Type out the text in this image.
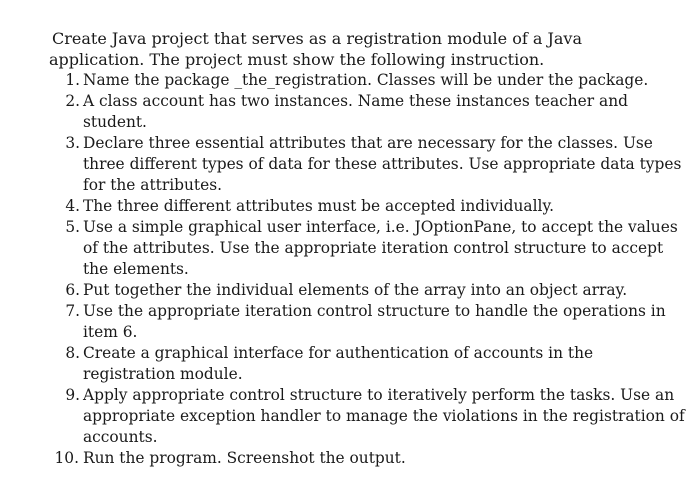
Create Java project that serves as a registration module of a Java
application. The project must show the following instruction.

1. Name the package _the_registration. Classes will be under the package.
2. A class account has two instances. Name these instances teacher and student.
3. Declare three essential attributes that are necessary for the classes. Use three different types of data for these attributes. Use appropriate data types for the attributes.
4. The three different attributes must be accepted individually.
5. Use a simple graphical user interface, i.e. JOptionPane, to accept the values of the attributes. Use the appropriate iteration control structure to accept the elements.
6. Put together the individual elements of the array into an object array.
7. Use the appropriate iteration control structure to handle the operations in item 6.
8. Create a graphical interface for authentication of accounts in the registration module.
9. Apply appropriate control structure to iteratively perform the tasks. Use an appropriate exception handler to manage the violations in the registration of accounts.
10. Run the program. Screenshot the output.
